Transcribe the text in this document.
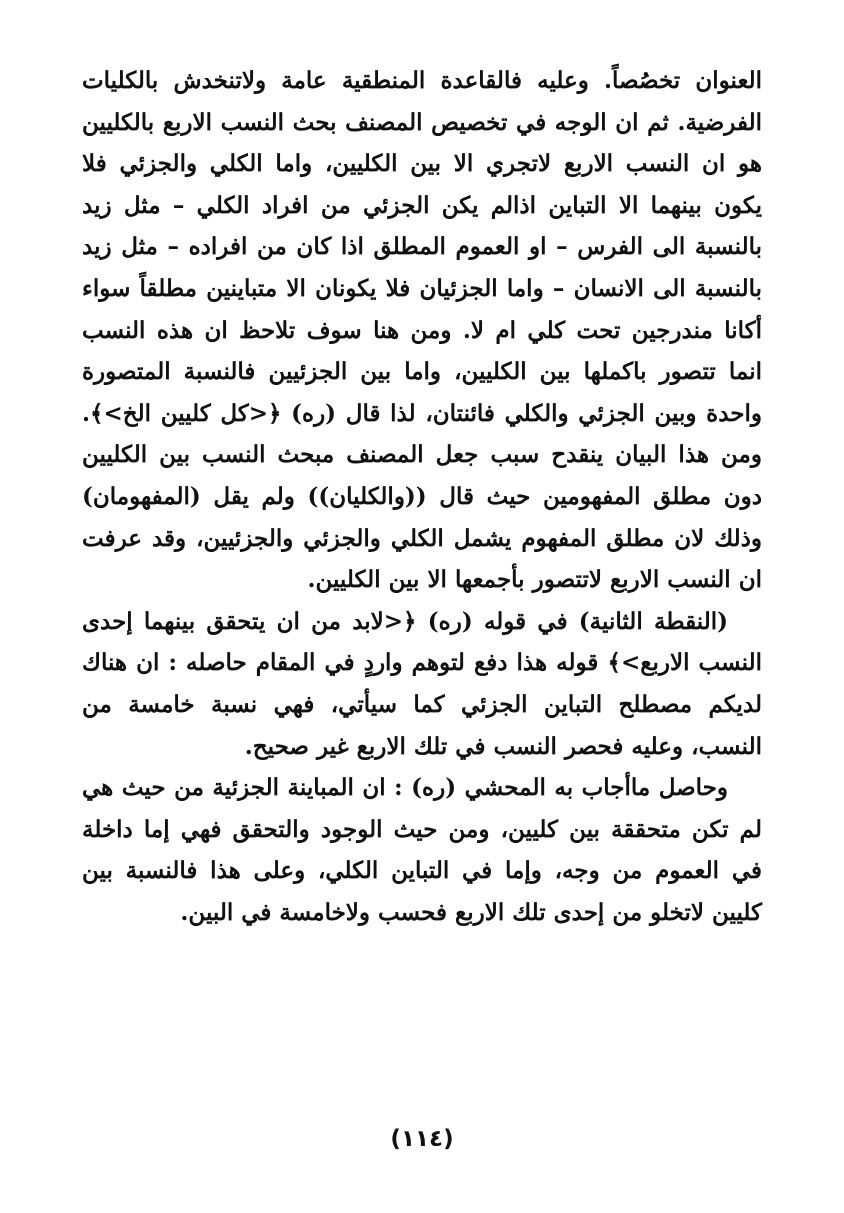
العنوان تخصُصاً. وعليه فالقاعدة المنطقية عامة ولاتنخدش بالكليات الفرضية. ثم ان الوجه في تخصيص المصنف بحث النسب الاربع بالكليين هو ان النسب الاربع لاتجري الا بين الكليين، واما الكلي والجزئي فلا يكون بينهما الا التباين اذالم يكن الجزئي من افراد الكلي – مثل زيد بالنسبة الى الفرس – او العموم المطلق اذا كان من افراده – مثل زيد بالنسبة الى الانسان – واما الجزئيان فلا يكونان الا متباينين مطلقاً سواء أكانا مندرجين تحت كلي ام لا. ومن هنا سوف تلاحظ ان هذه النسب انما تتصور باكملها بين الكليين، واما بين الجزئيين فالنسبة المتصورة واحدة وبين الجزئي والكلي فائنتان، لذا قال (ره) ﴿<كل كليين الخ>﴾. ومن هذا البيان ينقدح سبب جعل المصنف مبحث النسب بين الكليين دون مطلق المفهومين حيث قال ((والكليان)) ولم يقل (المفهومان) وذلك لان مطلق المفهوم يشمل الكلي والجزئي والجزئيين، وقد عرفت ان النسب الاربع لاتتصور بأجمعها الا بين الكليين.

(النقطة الثانية) في قوله (ره) ﴿<لابد من ان يتحقق بينهما إحدى النسب الاربع>﴾ قوله هذا دفع لتوهم واردٍ في المقام حاصله : ان هناك لديكم مصطلح التباين الجزئي كما سيأتي، فهي نسبة خامسة من النسب، وعليه فحصر النسب في تلك الاربع غير صحيح.

وحاصل ماأجاب به المحشي (ره) : ان المباينة الجزئية من حيث هي لم تكن متحققة بين كليين، ومن حيث الوجود والتحقق فهي إما داخلة في العموم من وجه، وإما في التباين الكلي، وعلى هذا فالنسبة بين كليين لاتخلو من إحدى تلك الاربع فحسب ولاخامسة في البين.

(١١٤)
